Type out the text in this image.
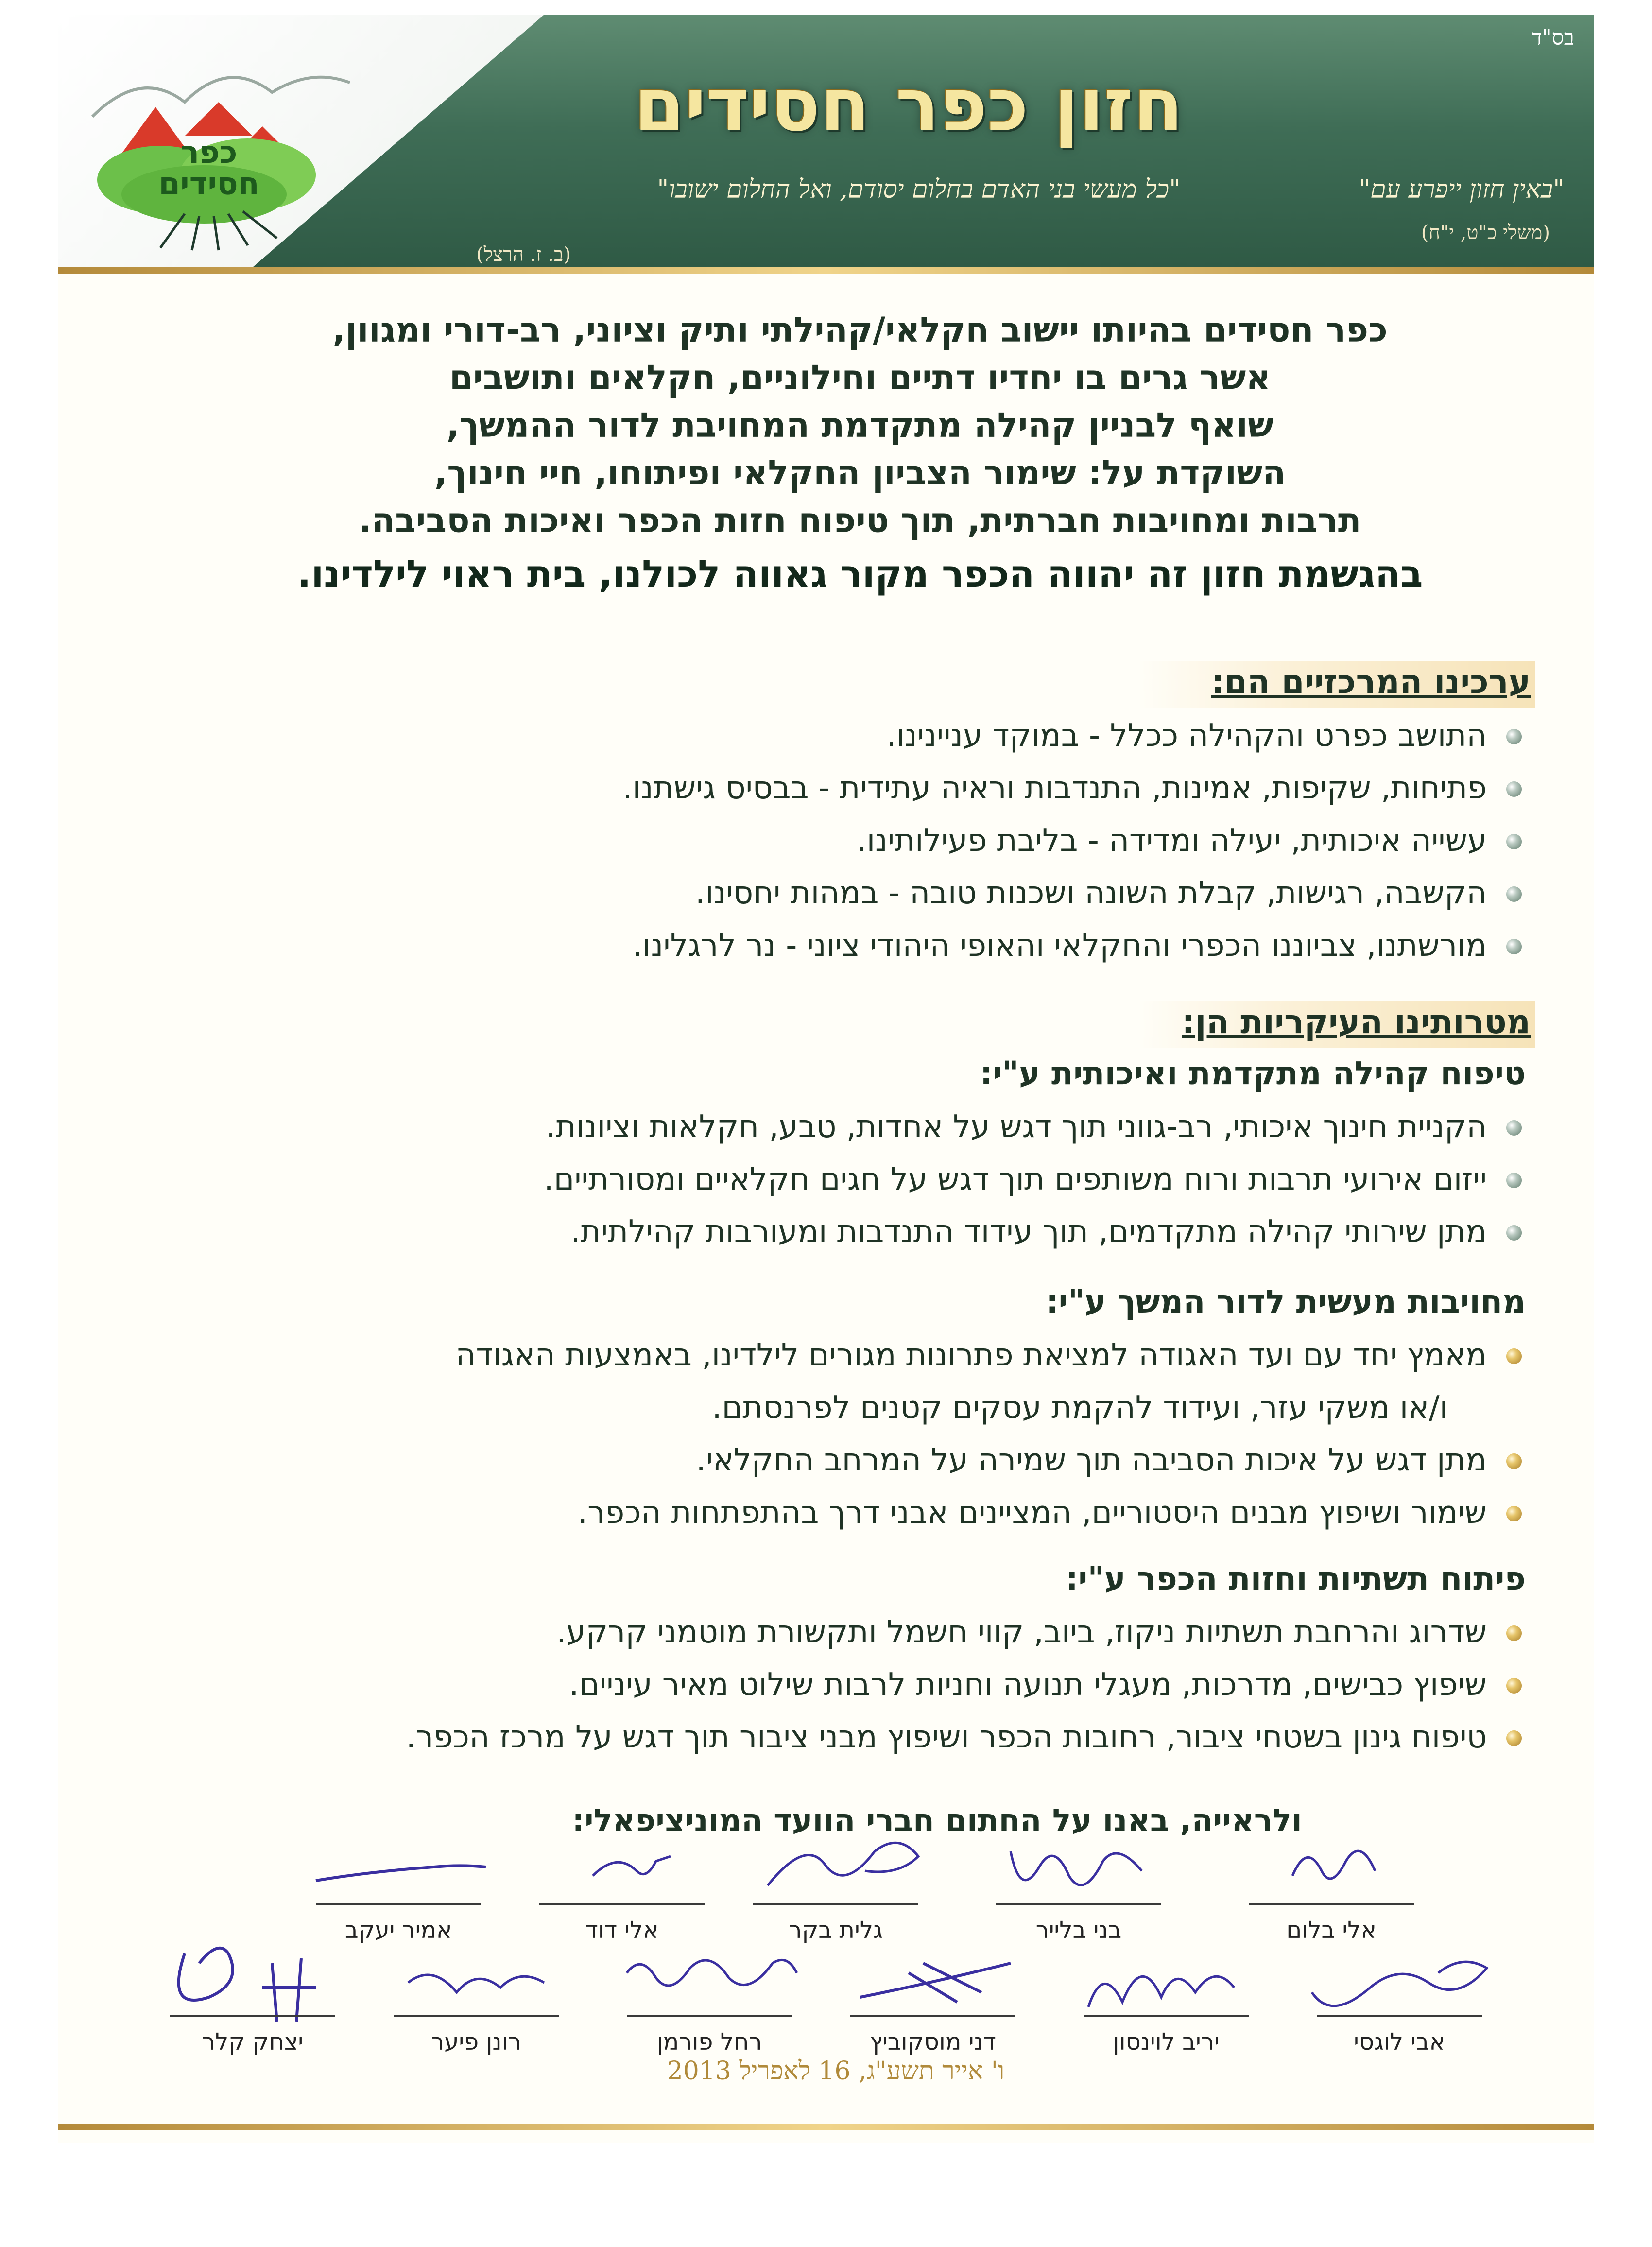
כפר
חסידים
בס"ד
חזון כפר חסידים
"באין חזון ייפרע עם"
(משלי כ"ט, י"ח)
"כל מעשי בני האדם בחלום יסודם, ואל החלום ישובו"
(ב. ז. הרצל)
כפר חסידים בהיותו יישוב חקלאי/קהילתי ותיק וציוני, רב-דורי ומגוון,
אשר גרים בו יחדיו דתיים וחילוניים, חקלאים ותושבים
שואף לבניין קהילה מתקדמת המחויבת לדור ההמשך,
השוקדת על: שימור הצביון החקלאי ופיתוחו, חיי חינוך,
תרבות ומחויבות חברתית, תוך טיפוח חזות הכפר ואיכות הסביבה.
בהגשמת חזון זה יהווה הכפר מקור גאווה לכולנו, בית ראוי לילדינו.
ערכינו המרכזיים הם:
התושב כפרט והקהילה ככלל - במוקד עניינינו.
פתיחות, שקיפות, אמינות, התנדבות וראיה עתידית - בבסיס גישתנו.
עשייה איכותית, יעילה ומדידה - בליבת פעילותינו.
הקשבה, רגישות, קבלת השונה ושכנות טובה - במהות יחסינו.
מורשתנו, צביוננו הכפרי והחקלאי והאופי היהודי ציוני - נר לרגלינו.
מטרותינו העיקריות הן:
טיפוח קהילה מתקדמת ואיכותית ע"י:
הקניית חינוך איכותי, רב-גווני תוך דגש על אחדות, טבע, חקלאות וציונות.
ייזום אירועי תרבות ורוח משותפים תוך דגש על חגים חקלאיים ומסורתיים.
מתן שירותי קהילה מתקדמים, תוך עידוד התנדבות ומעורבות קהילתית.
מחויבות מעשית לדור המשך ע"י:
מאמץ יחד עם ועד האגודה למציאת פתרונות מגורים לילדינו, באמצעות האגודה
ו/או משקי עזר, ועידוד להקמת עסקים קטנים לפרנסתם.
מתן דגש על איכות הסביבה תוך שמירה על המרחב החקלאי.
שימור ושיפוץ מבנים היסטוריים, המציינים אבני דרך בהתפתחות הכפר.
פיתוח תשתיות וחזות הכפר ע"י:
שדרוג והרחבת תשתיות ניקוז, ביוב, קווי חשמל ותקשורת מוטמני קרקע.
שיפוץ כבישים, מדרכות, מעגלי תנועה וחניות לרבות שילוט מאיר עיניים.
טיפוח גינון בשטחי ציבור, רחובות הכפר ושיפוץ מבני ציבור תוך דגש על מרכז הכפר.
ולראייה, באנו על החתום חברי הוועד המוניציפאלי:
אלי בלום
בני בלייר
גלית בקר
אלי דוד
אמיר יעקב
אבי לוגסי
יריב לוינסון
דני מוסקוביץ
רחל פורמן
רונן פיער
יצחק קלר
ו' אייר תשע"ג, 16 לאפריל 2013
